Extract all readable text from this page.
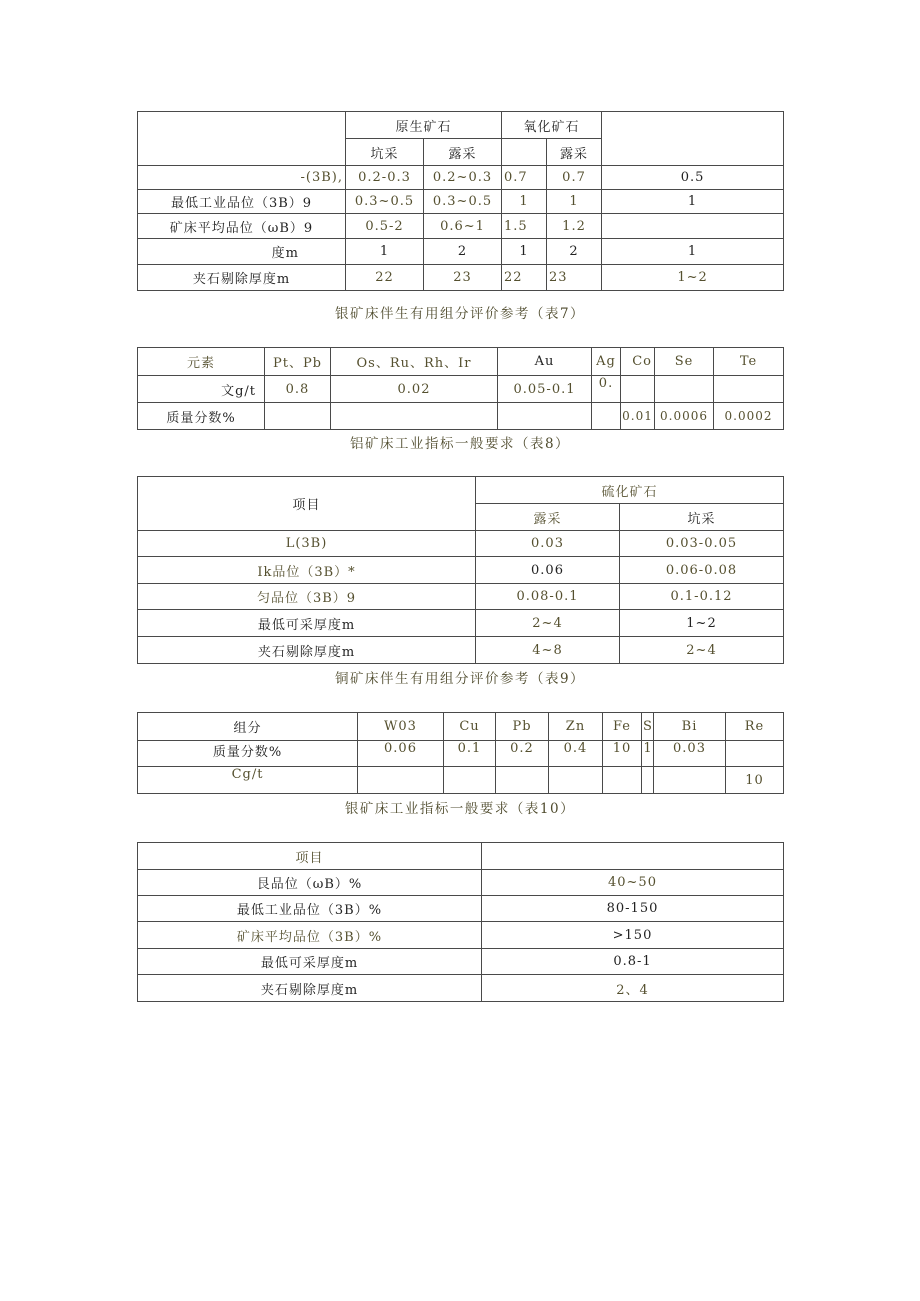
	原生矿石		氧化矿石		
	坑采	露采		露采	
-(3B),	0.2-0.3	0.2~0.3	0.7	0.7	0.5
最低工业品位（3B）9	0.3~0.5	0.3~0.5	1	1	1
矿床平均品位（ωB）9	0.5-2	0.6~1	1.5	1.2	
度m	1	2	1	2	1
夹石剔除厚度m	22	23	22	23	1~2
银矿床伴生有用组分评价参考（表7）
元素	Pt、Pb	Os、Ru、Rh、Ir	Au	Ag	Co	Se	Te
文g/t	0.8	0.02	0.05-0.1	0.			
质量分数%					0.01	0.0006	0.0002
铝矿床工业指标一般要求（表8）
项目	硫化矿石	
	露采	坑采
L(3B)	0.03	0.03-0.05
Ik品位（3B）*	0.06	0.06-0.08
匀品位（3B）9	0.08-0.1	0.1-0.12
最低可采厚度m	2~4	1~2
夹石剔除厚度m	4~8	2~4
铜矿床伴生有用组分评价参考（表9）
组分	W03	Cu	Pb	Zn	Fe	S	Bi	Re
质量分数%	0.06	0.1	0.2	0.4	10	1	0.03	
Cg/t								10
银矿床工业指标一般要求（表10）
项目	
艮品位（ωB）%	40~50
最低工业品位（3B）%	80-150
矿床平均品位（3B）%	>150
最低可采厚度m	0.8-1
夹石剔除厚度m	2、4
